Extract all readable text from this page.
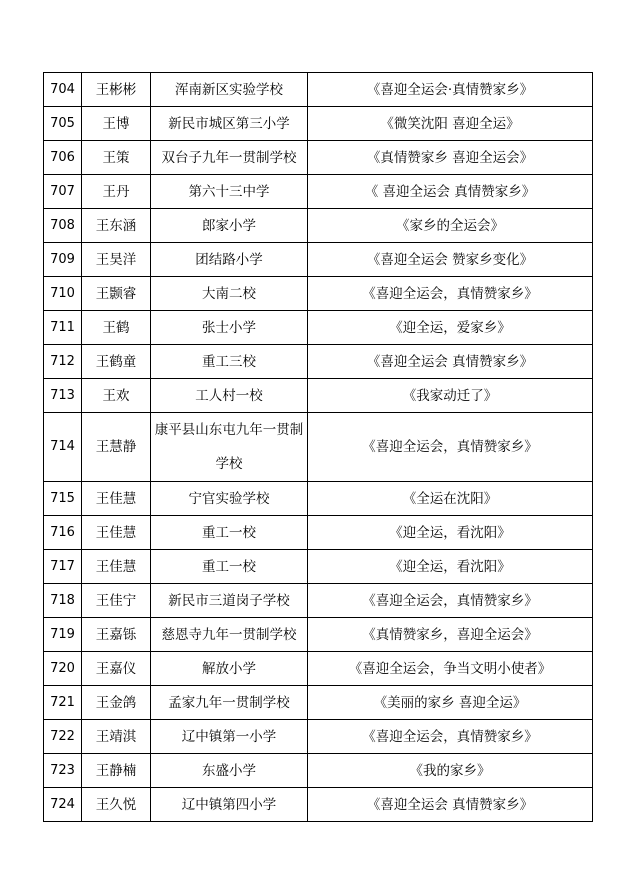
704	王彬彬	浑南新区实验学校	《喜迎全运会·真情赞家乡》
705	王博	新民市城区第三小学	《微笑沈阳 喜迎全运》
706	王策	双台子九年一贯制学校	《真情赞家乡 喜迎全运会》
707	王丹	第六十三中学	《 喜迎全运会 真情赞家乡》
708	王东涵	郎家小学	《家乡的全运会》
709	王昊洋	团结路小学	《喜迎全运会 赞家乡变化》
710	王颢睿	大南二校	《喜迎全运会，真情赞家乡》
711	王鹤	张士小学	《迎全运，爱家乡》
712	王鹤童	重工三校	《喜迎全运会 真情赞家乡》
713	王欢	工人村一校	《我家动迁了》
714	王慧静	康平县山东屯九年一贯制学校	《喜迎全运会，真情赞家乡》
715	王佳慧	宁官实验学校	《全运在沈阳》
716	王佳慧	重工一校	《迎全运，看沈阳》
717	王佳慧	重工一校	《迎全运，看沈阳》
718	王佳宁	新民市三道岗子学校	《喜迎全运会，真情赞家乡》
719	王嘉铄	慈恩寺九年一贯制学校	《真情赞家乡，喜迎全运会》
720	王嘉仪	解放小学	《喜迎全运会，争当文明小使者》
721	王金鸽	孟家九年一贯制学校	《美丽的家乡 喜迎全运》
722	王靖淇	辽中镇第一小学	《喜迎全运会，真情赞家乡》
723	王静楠	东盛小学	《我的家乡》
724	王久悦	辽中镇第四小学	《喜迎全运会 真情赞家乡》
